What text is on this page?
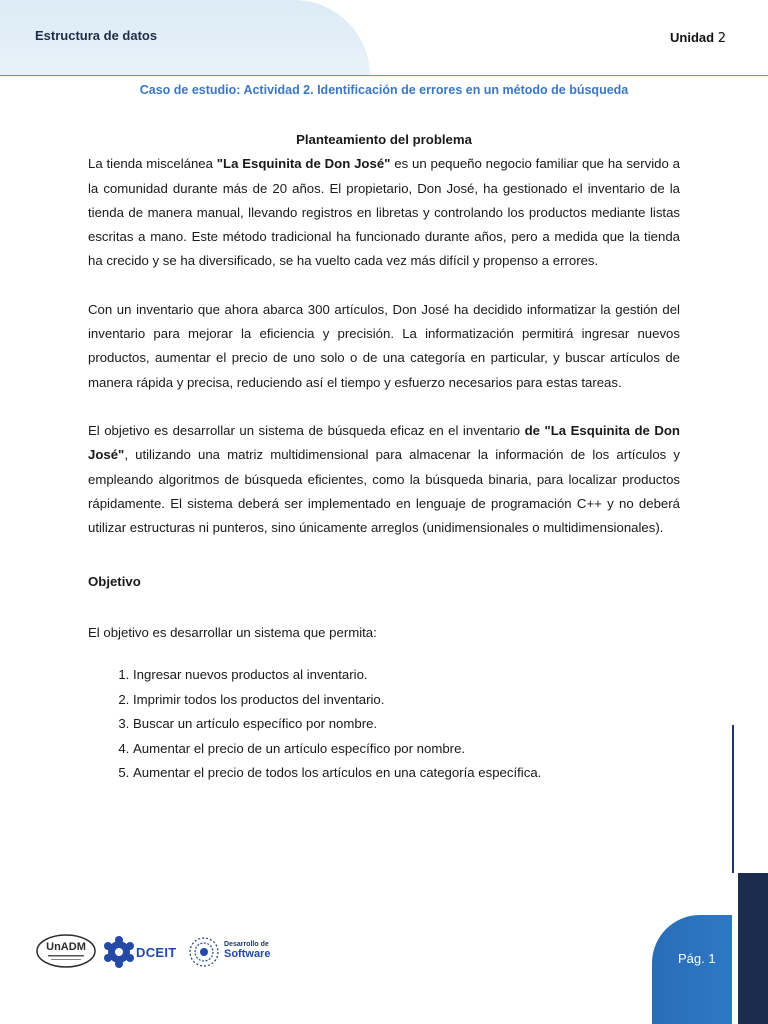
Estructura de datos	Unidad 2
Caso de estudio: Actividad 2. Identificación de errores en un método de búsqueda

Planteamiento del problema

La tienda miscelánea "La Esquinita de Don José" es un pequeño negocio familiar que ha servido a la comunidad durante más de 20 años. El propietario, Don José, ha gestionado el inventario de la tienda de manera manual, llevando registros en libretas y controlando los productos mediante listas escritas a mano. Este método tradicional ha funcionado durante años, pero a medida que la tienda ha crecido y se ha diversificado, se ha vuelto cada vez más difícil y propenso a errores.

Con un inventario que ahora abarca 300 artículos, Don José ha decidido informatizar la gestión del inventario para mejorar la eficiencia y precisión. La informatización permitirá ingresar nuevos productos, aumentar el precio de uno solo o de una categoría en particular, y buscar artículos de manera rápida y precisa, reduciendo así el tiempo y esfuerzo necesarios para estas tareas.

El objetivo es desarrollar un sistema de búsqueda eficaz en el inventario de "La Esquinita de Don José", utilizando una matriz multidimensional para almacenar la información de los artículos y empleando algoritmos de búsqueda eficientes, como la búsqueda binaria, para localizar productos rápidamente. El sistema deberá ser implementado en lenguaje de programación C++ y no deberá utilizar estructuras ni punteros, sino únicamente arreglos (unidimensionales o multidimensionales).

Objetivo

El objetivo es desarrollar un sistema que permita:

1. Ingresar nuevos productos al inventario.
2. Imprimir todos los productos del inventario.
3. Buscar un artículo específico por nombre.
4. Aumentar el precio de un artículo específico por nombre.
5. Aumentar el precio de todos los artículos en una categoría específica.
UnADM	DCEIT
Desarrollo de
Software	Pág. 1
